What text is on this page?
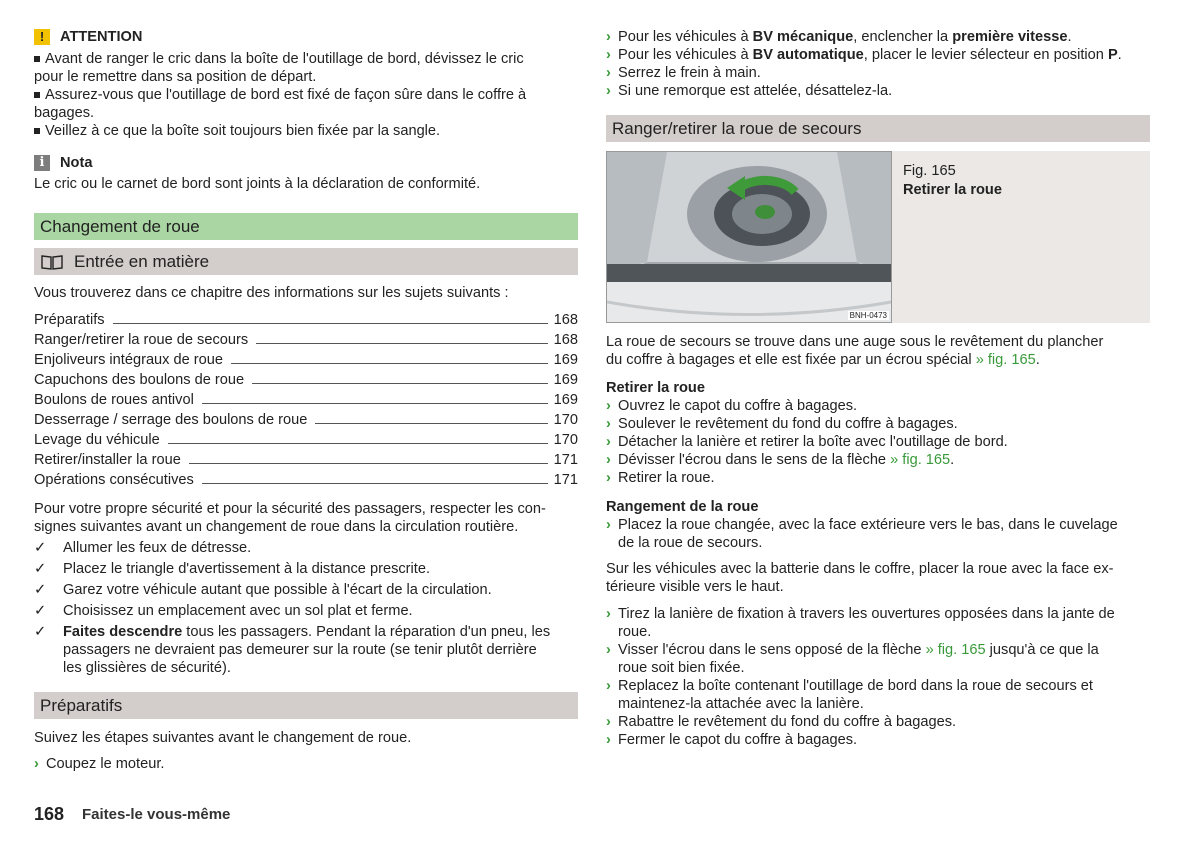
!	ATTENTION
Avant de ranger le cric dans la boîte de l'outillage de bord, dévissez le cric
pour le remettre dans sa position de départ.
Assurez-vous que l'outillage de bord est fixé de façon sûre dans le coffre à
bagages.
Veillez à ce que la boîte soit toujours bien fixée par la sangle.
i	Nota
Le cric ou le carnet de bord sont joints à la déclaration de conformité.
Changement de roue
Entrée en matière
Vous trouverez dans ce chapitre des informations sur les sujets suivants :
Préparatifs	168
Ranger/retirer la roue de secours	168
Enjoliveurs intégraux de roue	169
Capuchons des boulons de roue	169
Boulons de roues antivol	169
Desserrage / serrage des boulons de roue	170
Levage du véhicule	170
Retirer/installer la roue	171
Opérations consécutives	171
Pour votre propre sécurité et pour la sécurité des passagers, respecter les con-
signes suivantes avant un changement de roue dans la circulation routière.
✓	Allumer les feux de détresse.
✓	Placez le triangle d'avertissement à la distance prescrite.
✓	Garez votre véhicule autant que possible à l'écart de la circulation.
✓	Choisissez un emplacement avec un sol plat et ferme.
✓	Faites descendre tous les passagers. Pendant la réparation d'un pneu, les
passagers ne devraient pas demeurer sur la route (se tenir plutôt derrière
les glissières de sécurité).
Préparatifs
Suivez les étapes suivantes avant le changement de roue.
› Coupez le moteur.
› Pour les véhicules à BV mécanique, enclencher la première vitesse.
› Pour les véhicules à BV automatique, placer le levier sélecteur en position P.
› Serrez le frein à main.
› Si une remorque est attelée, désattelez-la.
Ranger/retirer la roue de secours
BNH-0473
Fig. 165
Retirer la roue
La roue de secours se trouve dans une auge sous le revêtement du plancher
du coffre à bagages et elle est fixée par un écrou spécial » fig. 165.
Retirer la roue
› Ouvrez le capot du coffre à bagages.
› Soulever le revêtement du fond du coffre à bagages.
› Détacher la lanière et retirer la boîte avec l'outillage de bord.
› Dévisser l'écrou dans le sens de la flèche » fig. 165.
› Retirer la roue.
Rangement de la roue
› Placez la roue changée, avec la face extérieure vers le bas, dans le cuvelage
de la roue de secours.
Sur les véhicules avec la batterie dans le coffre, placer la roue avec la face ex-
térieure visible vers le haut.
› Tirez la lanière de fixation à travers les ouvertures opposées dans la jante de
roue.
› Visser l'écrou dans le sens opposé de la flèche » fig. 165 jusqu'à ce que la
roue soit bien fixée.
› Replacez la boîte contenant l'outillage de bord dans la roue de secours et
maintenez-la attachée avec la lanière.
› Rabattre le revêtement du fond du coffre à bagages.
› Fermer le capot du coffre à bagages.
168 Faites-le vous-même
